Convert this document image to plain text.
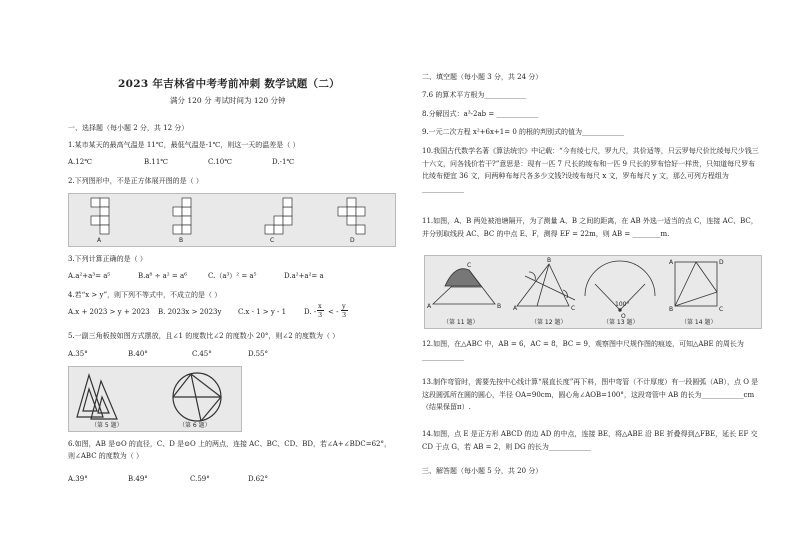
2023 年吉林省中考考前冲刺 数学试题（二）
满分 120 分 考试时间为 120 分钟
一、选择题（每小题 2 分，共 12 分）
1.某市某天的最高气温是 11℃，最低气温是-1℃，则这一天的温差是（ ）
A.12℃	B.11℃	C.10℃	D.-1℃
2.下列图形中，不是正方体展开图的是（ ）
A	B	C	D
3.下列计算正确的是（ ）
A.a²+a³= a⁵	B.a⁸ ÷ a² = a⁶	C.（a³）² = a⁵	D.a²+a²= a
4.若“x > y”，则下列不等式中，不成立的是（ ）
A.x + 2023 > y + 2023 B. 2023x > 2023y C.x - 1 > y - 1	D. -
x
3 < -
y
3
5.一副三角板按如图方式摆放，且∠1 的度数比∠2 的度数小 20°，则∠2 的度数为（ ）
A.35°	B.40°	C.45°	D.55°
（第 5 题）	（第 6 题）
6.如图，AB 是⊙O 的直径，C、D 是⊙O 上的两点，连接 AC、BC、CD、BD，若∠A+∠BDC=62°，则∠ABC 的度数为（ ）
A.39°	B.49°	C.59°	D.62°
二、填空题（每小题 3 分，共 24 分）
7.6 的算术平方根为____________
8.分解因式：a³-2ab = ____________
9.一元二次方程 x²+6x+1= 0 的根的判别式的值为____________
10.我国古代数学名著《算法统宗》中记载：“今有绫七尺，罗九尺，共价适等，只云罗每尺价比绫每尺少钱三十六文，问各钱价若干?”意思是：现有一匹 7 尺长的绫布和一匹 9 尺长的罗布恰好一样贵，只知道每尺罗布比绫布便宜 36 文，问两种布每尺各多少文钱?设绫布每尺 x 文，罗布每尺 y 文，那么可列方程组为____________
11.如图，A、B 两处被池塘隔开，为了测量 A、B 之间的距离，在 AB 外选一适当的点 C，连接 AC、BC，并分别取线段 AC、BC 的中点 E、F，测得 EF = 22m，则 AB = ________m.
A	B
C
A
B
C
100°
O
A	D
B	C
（第 11 题）	（第 12 题）	（第 13 题）	（第 14 题）
12.如图，在△ABC 中，AB = 6，AC = 8，BC = 9，观察图中尺规作图的痕迹，可知△ABE 的周长为____________
13.制作弯管时，需要先按中心线计算“展直长度”再下料，图中弯管（不计厚度）有一段圆弧（AB），点 O 是这段圆弧所在圆的圆心，半径 OA=90cm，圆心角∠AOB=100°，这段弯管中 AB 的长为____________cm（结果保留π）.
14.如图，点 E 是正方形 ABCD 的边 AD 的中点，连接 BE，将△ABE 沿 BE 折叠得到△FBE，延长 EF 交 CD 于点 G，若 AB = 2，则 DG 的长为____________
三、解答题（每小题 5 分，共 20 分）
